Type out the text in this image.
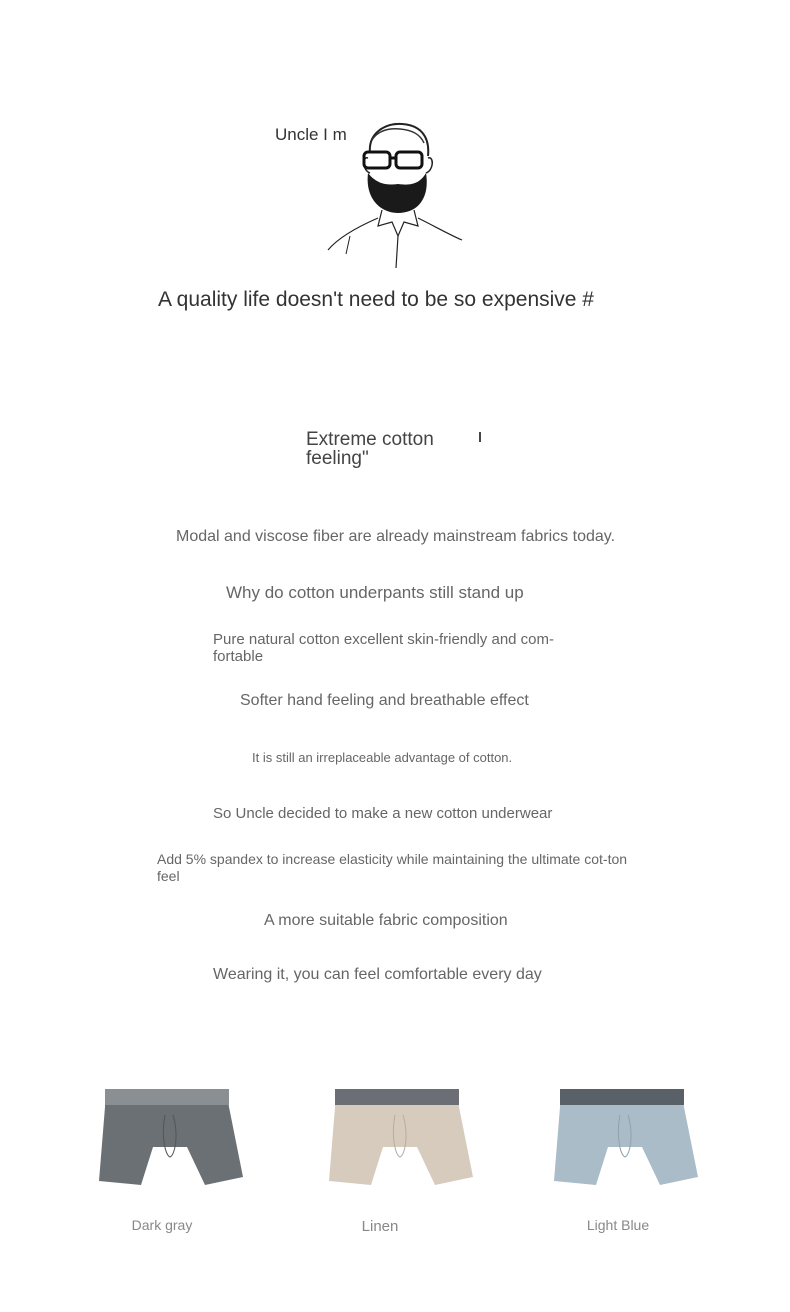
Uncle I m
A quality life doesn't need to be so expensive #
Extreme cotton
feeling"
Modal and viscose fiber are already mainstream fabrics today.
Why do cotton underpants still stand up
Pure natural cotton excellent skin-friendly and com-fortable
Softer hand feeling and breathable effect
It is still an irreplaceable advantage of cotton.
So Uncle decided to make a new cotton underwear
Add 5% spandex to increase elasticity while maintaining the ultimate cot-ton feel
A more suitable fabric composition
Wearing it, you can feel comfortable every day
Dark gray	Linen	Light Blue
